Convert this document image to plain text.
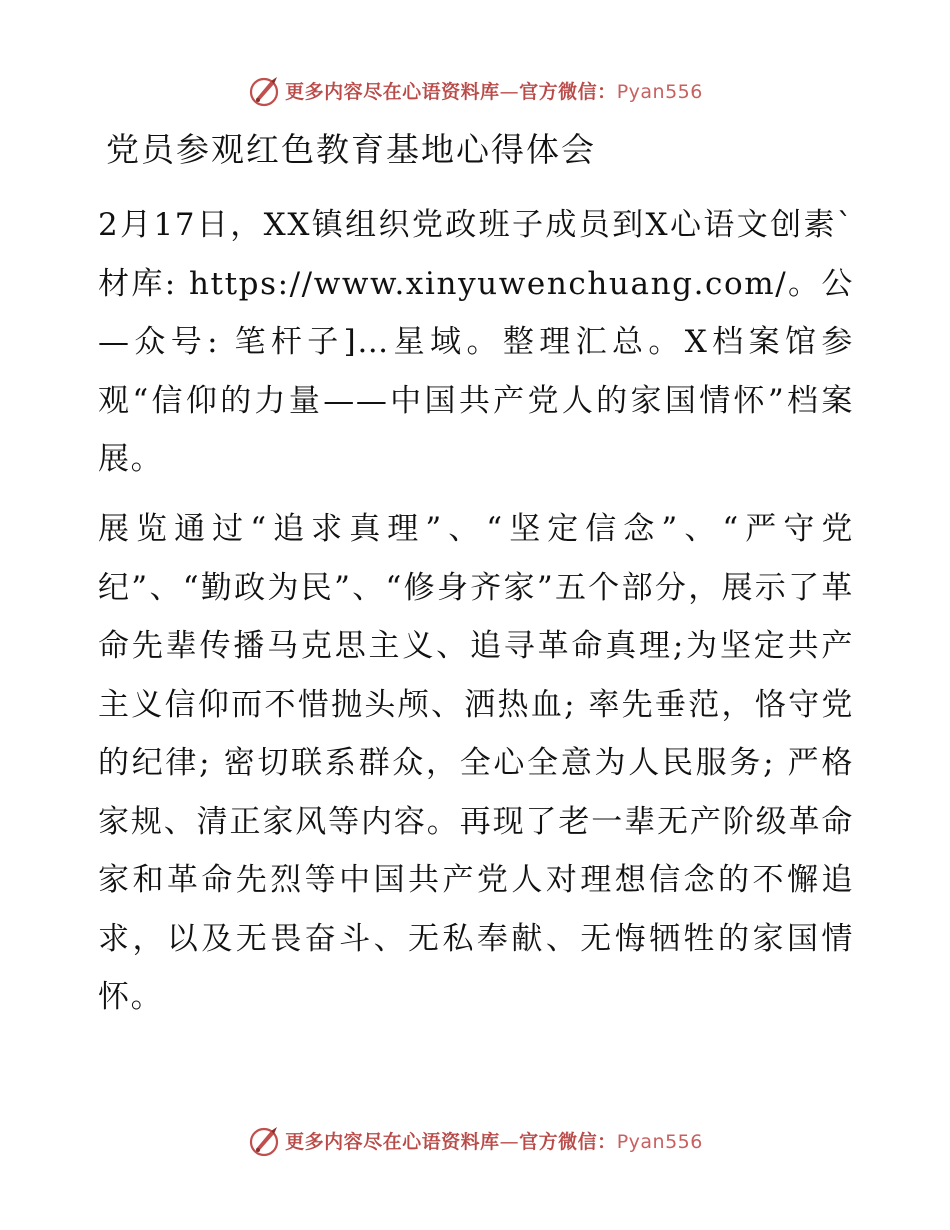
更多内容尽在心语资料库—官方微信：Pyan556
党员参观红色教育基地心得体会

2月17日，XX镇组织党政班子成员到X心语文创素`材库: https://www.xinyuwenchuang.com/。公—众号: 笔杆子]…星域。整理汇总。X档案馆参观“信仰的力量——中国共产党人的家国情怀”档案展。

展览通过“追求真理”、“坚定信念”、“严守党纪”、“勤政为民”、“修身齐家”五个部分，展示了革命先辈传播马克思主义、追寻革命真理;为坚定共产主义信仰而不惜抛头颅、洒热血; 率先垂范，恪守党的纪律; 密切联系群众，全心全意为人民服务; 严格家规、清正家风等内容。再现了老一辈无产阶级革命家和革命先烈等中国共产党人对理想信念的不懈追求，以及无畏奋斗、无私奉献、无悔牺牲的家国情怀。

更多内容尽在心语资料库—官方微信：Pyan556
